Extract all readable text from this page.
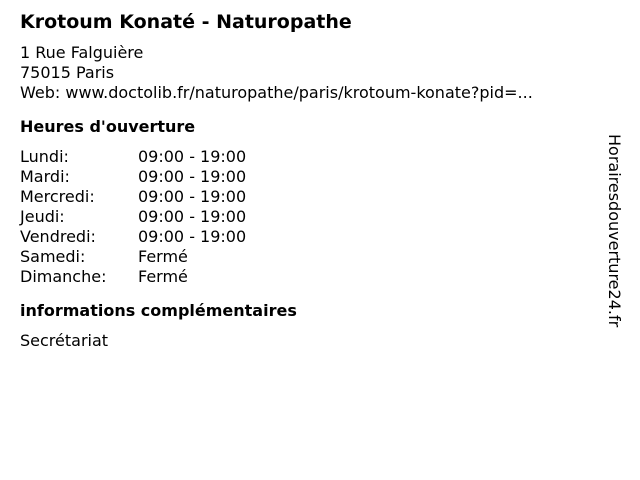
Krotoum Konaté - Naturopathe
1 Rue Falguière
75015 Paris
Web: www.doctolib.fr/naturopathe/paris/krotoum-konate?pid=...
Heures d'ouverture
Lundi:	09:00 - 19:00
Mardi:	09:00 - 19:00
Mercredi:	09:00 - 19:00
Jeudi:	09:00 - 19:00
Vendredi:	09:00 - 19:00
Samedi:	Fermé
Dimanche:	Fermé
informations complémentaires
Secrétariat
Horairesdouverture24.fr
